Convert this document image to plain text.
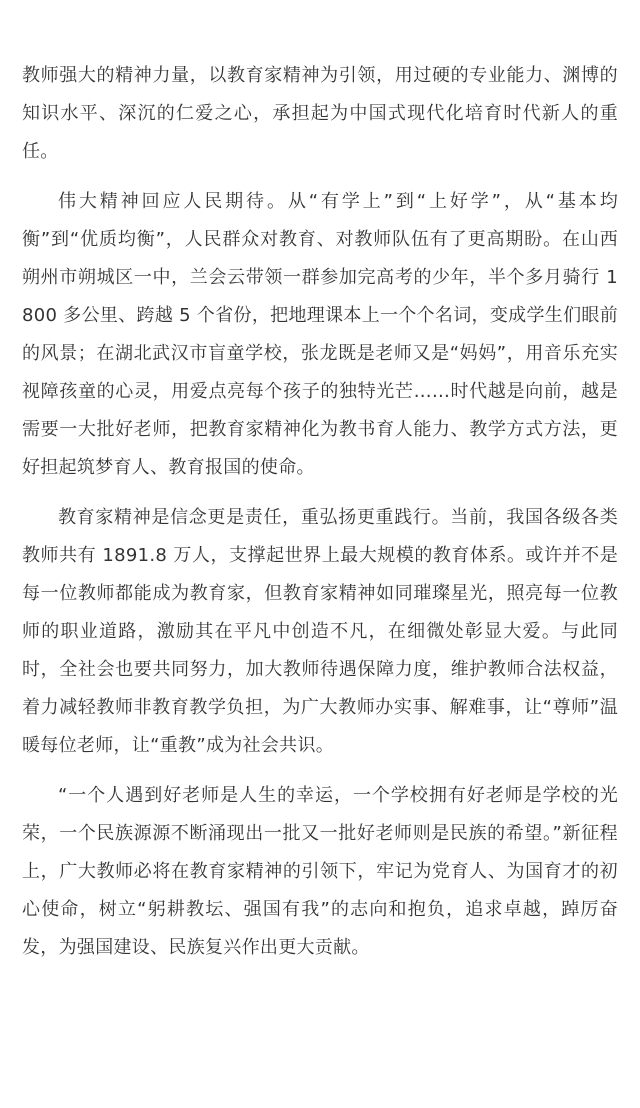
教师强大的精神力量，以教育家精神为引领，用过硬的专业能力、渊博的知识水平、深沉的仁爱之心，承担起为中国式现代化培育时代新人的重任。

伟大精神回应人民期待。从“有学上”到“上好学”，从“基本均衡”到“优质均衡”，人民群众对教育、对教师队伍有了更高期盼。在山西朔州市朔城区一中，兰会云带领一群参加完高考的少年，半个多月骑行 1800 多公里、跨越 5 个省份，把地理课本上一个个名词，变成学生们眼前的风景；在湖北武汉市盲童学校，张龙既是老师又是“妈妈”，用音乐充实视障孩童的心灵，用爱点亮每个孩子的独特光芒……时代越是向前，越是需要一大批好老师，把教育家精神化为教书育人能力、教学方式方法，更好担起筑梦育人、教育报国的使命。

教育家精神是信念更是责任，重弘扬更重践行。当前，我国各级各类教师共有 1891.8 万人，支撑起世界上最大规模的教育体系。或许并不是每一位教师都能成为教育家，但教育家精神如同璀璨星光，照亮每一位教师的职业道路，激励其在平凡中创造不凡，在细微处彰显大爱。与此同时，全社会也要共同努力，加大教师待遇保障力度，维护教师合法权益，着力减轻教师非教育教学负担，为广大教师办实事、解难事，让“尊师”温暖每位老师，让“重教”成为社会共识。

“一个人遇到好老师是人生的幸运，一个学校拥有好老师是学校的光荣，一个民族源源不断涌现出一批又一批好老师则是民族的希望。”新征程上，广大教师必将在教育家精神的引领下，牢记为党育人、为国育才的初心使命，树立“躬耕教坛、强国有我”的志向和抱负，追求卓越，踔厉奋发，为强国建设、民族复兴作出更大贡献。
